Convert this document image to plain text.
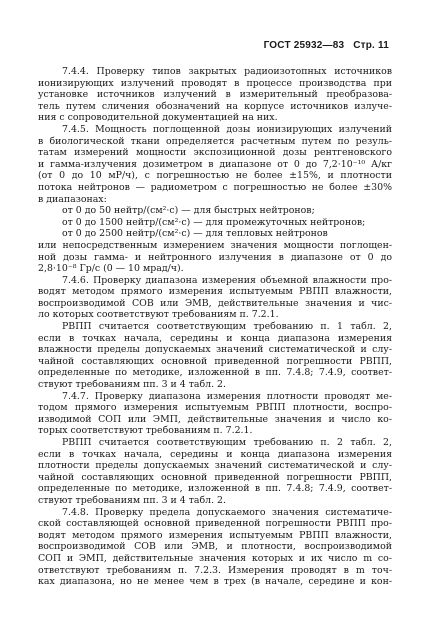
ГОСТ 25932—83 Стр. 11
7.4.4. Проверку типов закрытых радиоизотопных источников
ионизирующих излучений проводят в процессе производства при
установке источников излучений в измерительный преобразова-
тель путем сличения обозначений на корпусе источников излуче-
ния с сопроводительной документацией на них.
7.4.5. Мощность поглощенной дозы ионизирующих излучений
в биологической ткани определяется расчетным путем по резуль-
татам измерений мощности экспозиционной дозы рентгеновского
и гамма-излучения дозиметром в диапазоне от 0 до 7,2·10⁻¹⁰ А/кг
(от 0 до 10 мР/ч), с погрешностью не более ±15%, и плотности
потока нейтронов — радиометром с погрешностью не более ±30%
в диапазонах:
от 0 до 50 нейтр/(см²·с) — для быстрых нейтронов;
от 0 до 1500 нейтр/(см²·с) — для промежуточных нейтронов;
от 0 до 2500 нейтр/(см²·с) — для тепловых нейтронов
или непосредственным измерением значения мощности поглощен-
ной дозы гамма- и нейтронного излучения в диапазоне от 0 до
2,8·10⁻⁸ Гр/с (0 — 10 мрад/ч).
7.4.6. Проверку диапазона измерения объемной влажности про-
водят методом прямого измерения испытуемым РВПП влажности,
воспроизводимой СОВ или ЭМВ, действительные значения и чис-
ло которых соответствуют требованиям п. 7.2.1.
РВПП считается соответствующим требованию п. 1 табл. 2,
если в точках начала, середины и конца диапазона измерения
влажности пределы допускаемых значений систематической и слу-
чайной составляющих основной приведенной погрешности РВПП,
определенные по методике, изложенной в пп. 7.4.8; 7.4.9, соответ-
ствуют требованиям пп. 3 и 4 табл. 2.
7.4.7. Проверку диапазона измерения плотности проводят ме-
тодом прямого измерения испытуемым РВПП плотности, воспро-
изводимой СОП или ЭМП, действительные значения и число ко-
торых соответствуют требованиям п. 7.2.1.
РВПП считается соответствующим требованию п. 2 табл. 2,
если в точках начала, середины и конца диапазона измерения
плотности пределы допускаемых значений систематической и слу-
чайной составляющих основной приведенной погрешности РВПП,
определенные по методике, изложенной в пп. 7.4.8; 7.4.9, соответ-
ствуют требованиям пп. 3 и 4 табл. 2.
7.4.8. Проверку предела допускаемого значения систематиче-
ской составляющей основной приведенной погрешности РВПП про-
водят методом прямого измерения испытуемым РВПП влажности,
воспроизводимой СОВ или ЭМВ, и плотности, воспроизводимой
СОП и ЭМП, действительные значения которых и их число m со-
ответствуют требованиям п. 7.2.3. Измерения проводят в m точ-
ках диапазона, но не менее чем в трех (в начале, середине и кон-
